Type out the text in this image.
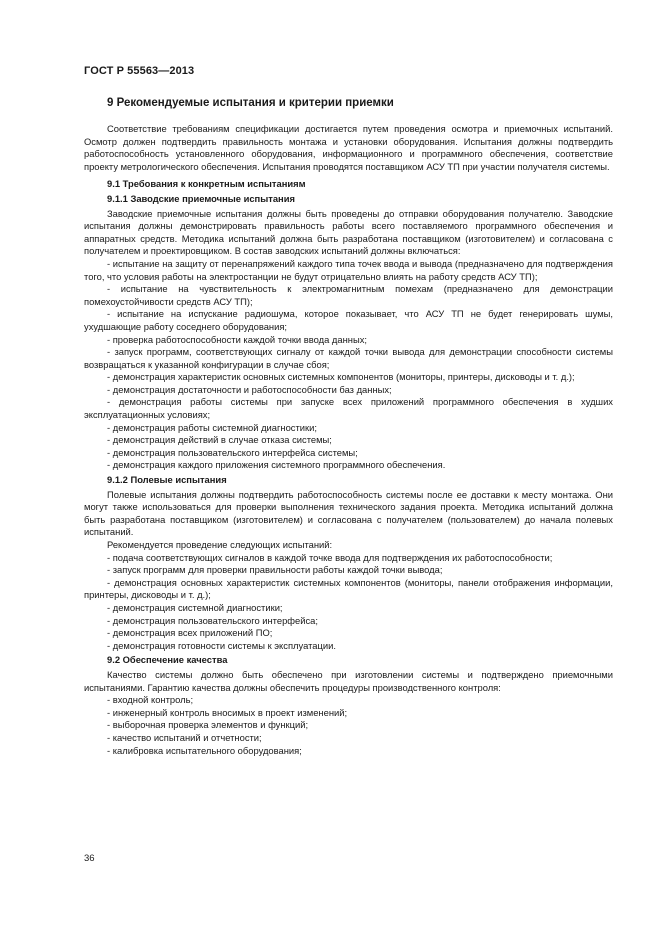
ГОСТ Р 55563—2013
9 Рекомендуемые испытания и критерии приемки

Соответствие требованиям спецификации достигается путем проведения осмотра и приемочных испытаний. Осмотр должен подтвердить правильность монтажа и установки оборудования. Испытания должны подтвердить работоспособность установленного оборудования, информационного и программного обеспечения, соответствие проекту метрологического обеспечения. Испытания проводятся поставщиком АСУ ТП при участии получателя системы.

9.1 Требования к конкретным испытаниям
9.1.1 Заводские приемочные испытания

Заводские приемочные испытания должны быть проведены до отправки оборудования получателю. Заводские испытания должны демонстрировать правильность работы всего поставляемого программного обеспечения и аппаратных средств. Методика испытаний должна быть разработана поставщиком (изготовителем) и согласована с получателем и проектировщиком. В состав заводских испытаний должны включаться:

- испытание на защиту от перенапряжений каждого типа точек ввода и вывода (предназначено для подтверждения того, что условия работы на электростанции не будут отрицательно влиять на работу средств АСУ ТП);
- испытание на чувствительность к электромагнитным помехам (предназначено для демонстрации помехоустойчивости средств АСУ ТП);
- испытание на испускание радиошума, которое показывает, что АСУ ТП не будет генерировать шумы, ухудшающие работу соседнего оборудования;
- проверка работоспособности каждой точки ввода данных;
- запуск программ, соответствующих сигналу от каждой точки вывода для демонстрации способности системы возвращаться к указанной конфигурации в случае сбоя;
- демонстрация характеристик основных системных компонентов (мониторы, принтеры, дисководы и т. д.);
- демонстрация достаточности и работоспособности баз данных;
- демонстрация работы системы при запуске всех приложений программного обеспечения в худших эксплуатационных условиях;
- демонстрация работы системной диагностики;
- демонстрация действий в случае отказа системы;
- демонстрация пользовательского интерфейса системы;
- демонстрация каждого приложения системного программного обеспечения.
9.1.2 Полевые испытания

Полевые испытания должны подтвердить работоспособность системы после ее доставки к месту монтажа. Они могут также использоваться для проверки выполнения технического задания проекта. Методика испытаний должна быть разработана поставщиком (изготовителем) и согласована с получателем (пользователем) до начала полевых испытаний.

Рекомендуется проведение следующих испытаний:

- подача соответствующих сигналов в каждой точке ввода для подтверждения их работоспособности;
- запуск программ для проверки правильности работы каждой точки вывода;
- демонстрация основных характеристик системных компонентов (мониторы, панели отображения информации, принтеры, дисководы и т. д.);
- демонстрация системной диагностики;
- демонстрация пользовательского интерфейса;
- демонстрация всех приложений ПО;
- демонстрация готовности системы к эксплуатации.
9.2 Обеспечение качества

Качество системы должно быть обеспечено при изготовлении системы и подтверждено приемочными испытаниями. Гарантию качества должны обеспечить процедуры производственного контроля:

- входной контроль;
- инженерный контроль вносимых в проект изменений;
- выборочная проверка элементов и функций;
- качество испытаний и отчетности;
- калибровка испытательного оборудования;
36
